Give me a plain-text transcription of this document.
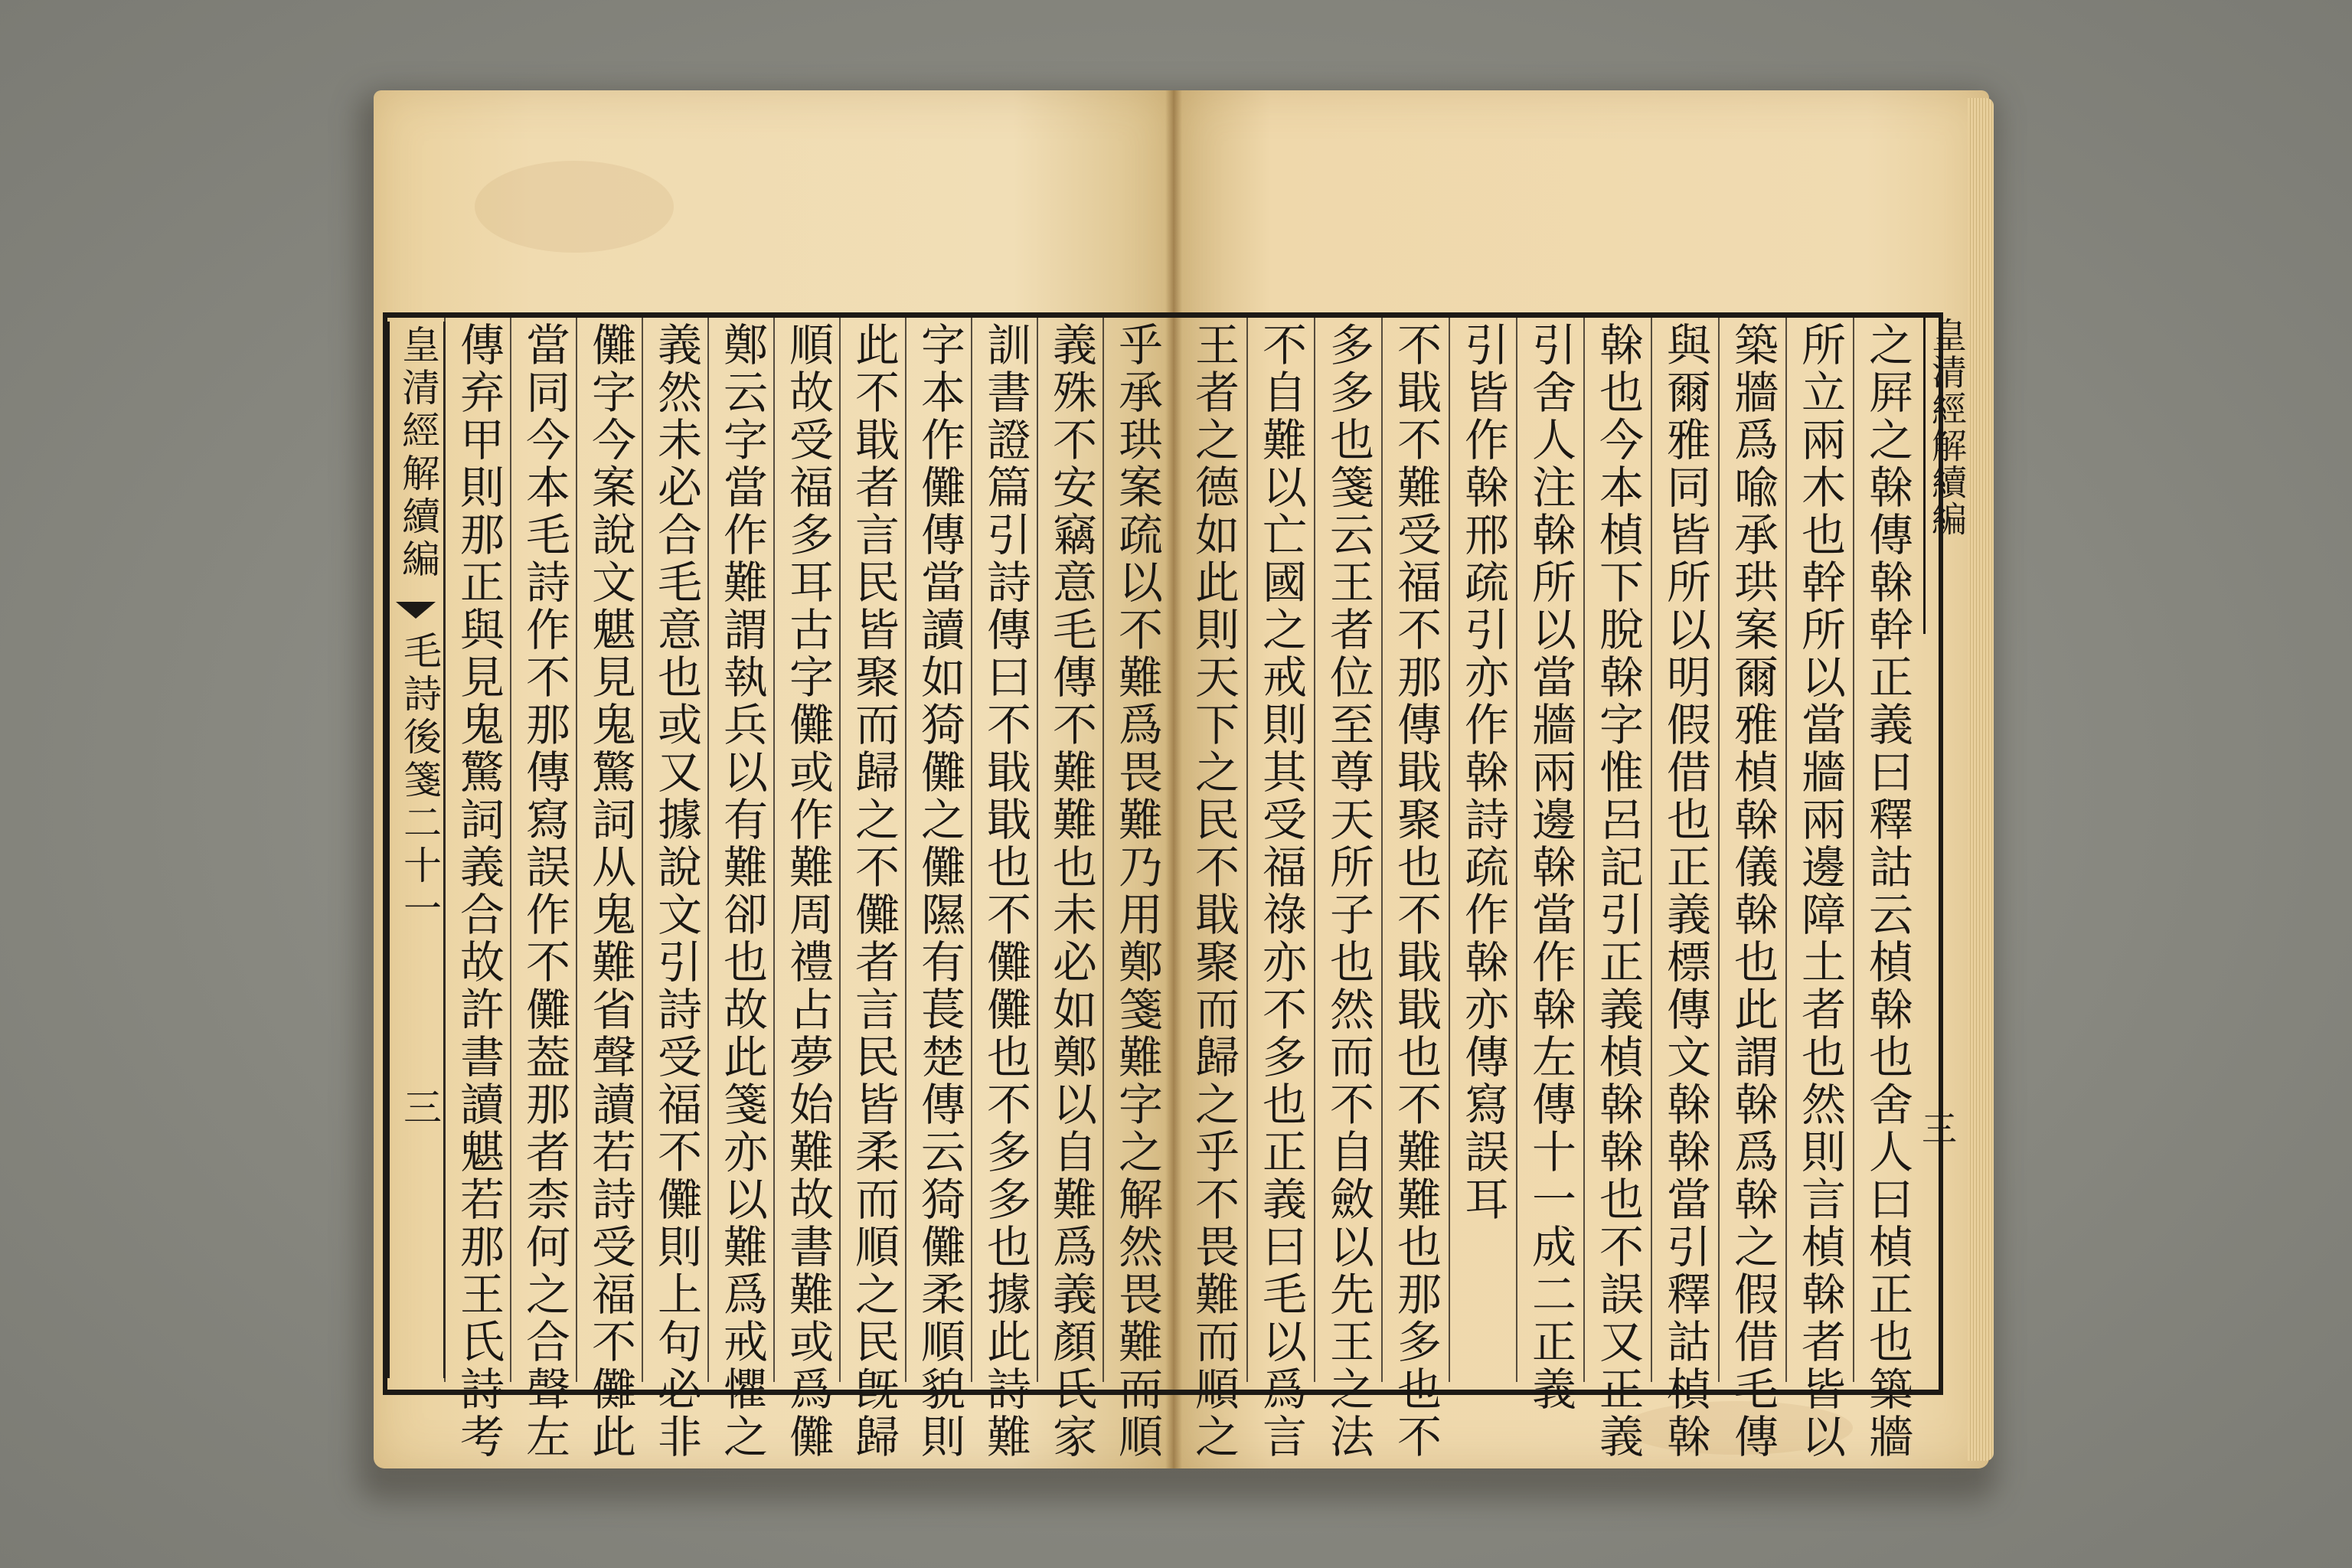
皇清經解續編
毛詩後箋二十一
三 傳弃甲則那正與見鬼驚詞義合故許書讀魌若那王氏詩考 當同今本毛詩作不那傳寫誤作不儺葢那者柰何之合聲左 儺字今案說文魌見鬼驚詞从鬼難省聲讀若詩受福不儺此 義然未必合毛意也或又據說文引詩受福不儺則上句必非 鄭云字當作難謂執兵以有難卻也故此箋亦以難爲戒懼之 順故受福多耳古字儺或作難周禮占夢始難故書難或爲儺 此不戢者言民皆聚而歸之不儺者言民皆柔而順之民旣歸 字本作儺傳當讀如猗儺之儺隰有萇楚傳云猗儺柔順貌則 訓書證篇引詩傳曰不戢戢也不儺儺也不多多也據此詩難 義殊不安竊意毛傳不難難也未必如鄭以自難爲義顏氏家 乎承珙案疏以不難爲畏難乃用鄭箋難字之解然畏難而順 王者之德如此則天下之民不戢聚而歸之乎不畏難而順之 不自難以亡國之戒則其受福祿亦不多也正義曰毛以爲言 多多也箋云王者位至尊天所子也然而不自斂以先王之法 不戢不難受福不那傳戢聚也不戢戢也不難難也那多也不 引皆作榦邢疏引亦作榦詩疏作榦亦傳寫誤耳 引舍人注榦所以當牆兩邊榦當作榦左傳十一成二正義 榦也今本楨下脫榦字惟呂記引正義楨榦榦也不誤又正義 與爾雅同皆所以明假借也正義標傳文榦榦當引釋詁楨榦 築牆爲喩承珙案爾雅楨榦儀榦也此謂榦爲榦之假借毛傳 所立兩木也幹所以當牆兩邊障土者也然則言楨榦者皆以 之屛之榦傳榦幹正義曰釋詁云楨榦也舍人曰楨正也築牆 皇清經解續編
三
